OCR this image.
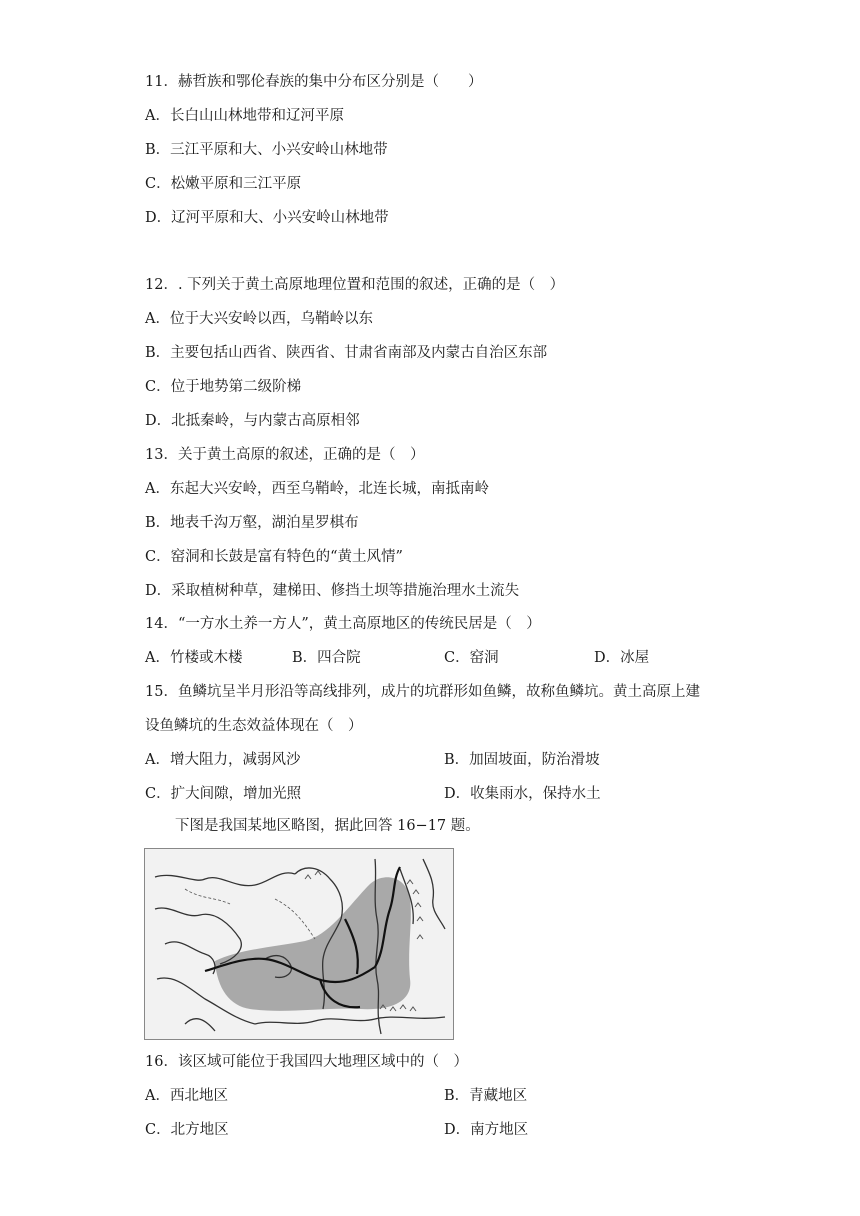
11．赫哲族和鄂伦春族的集中分布区分别是（　　）
A．长白山山林地带和辽河平原
B．三江平原和大、小兴安岭山林地带
C．松嫩平原和三江平原
D．辽河平原和大、小兴安岭山林地带
12．. 下列关于黄土高原地理位置和范围的叙述，正确的是（　）
A．位于大兴安岭以西，乌鞘岭以东
B．主要包括山西省、陕西省、甘肃省南部及内蒙古自治区东部
C．位于地势第二级阶梯
D．北抵秦岭，与内蒙古高原相邻
13．关于黄土高原的叙述，正确的是（　）
A．东起大兴安岭，西至乌鞘岭，北连长城，南抵南岭
B．地表千沟万壑，湖泊星罗棋布
C．窑洞和长鼓是富有特色的“黄土风情”
D．采取植树种草，建梯田、修挡土坝等措施治理水土流失
14．“一方水土养一方人”，黄土高原地区的传统民居是（　）
A．竹楼或木楼	B．四合院	C．窑洞	D．冰屋
15．鱼鳞坑呈半月形沿等高线排列，成片的坑群形如鱼鳞，故称鱼鳞坑。黄土高原上建
设鱼鳞坑的生态效益体现在（　）
A．增大阻力，减弱风沙	B．加固坡面，防治滑坡
C．扩大间隙，增加光照	D．收集雨水，保持水土
下图是我国某地区略图，据此回答 16−17 题。
16．该区域可能位于我国四大地理区域中的（　）
A．西北地区	B．青藏地区
C．北方地区	D．南方地区
